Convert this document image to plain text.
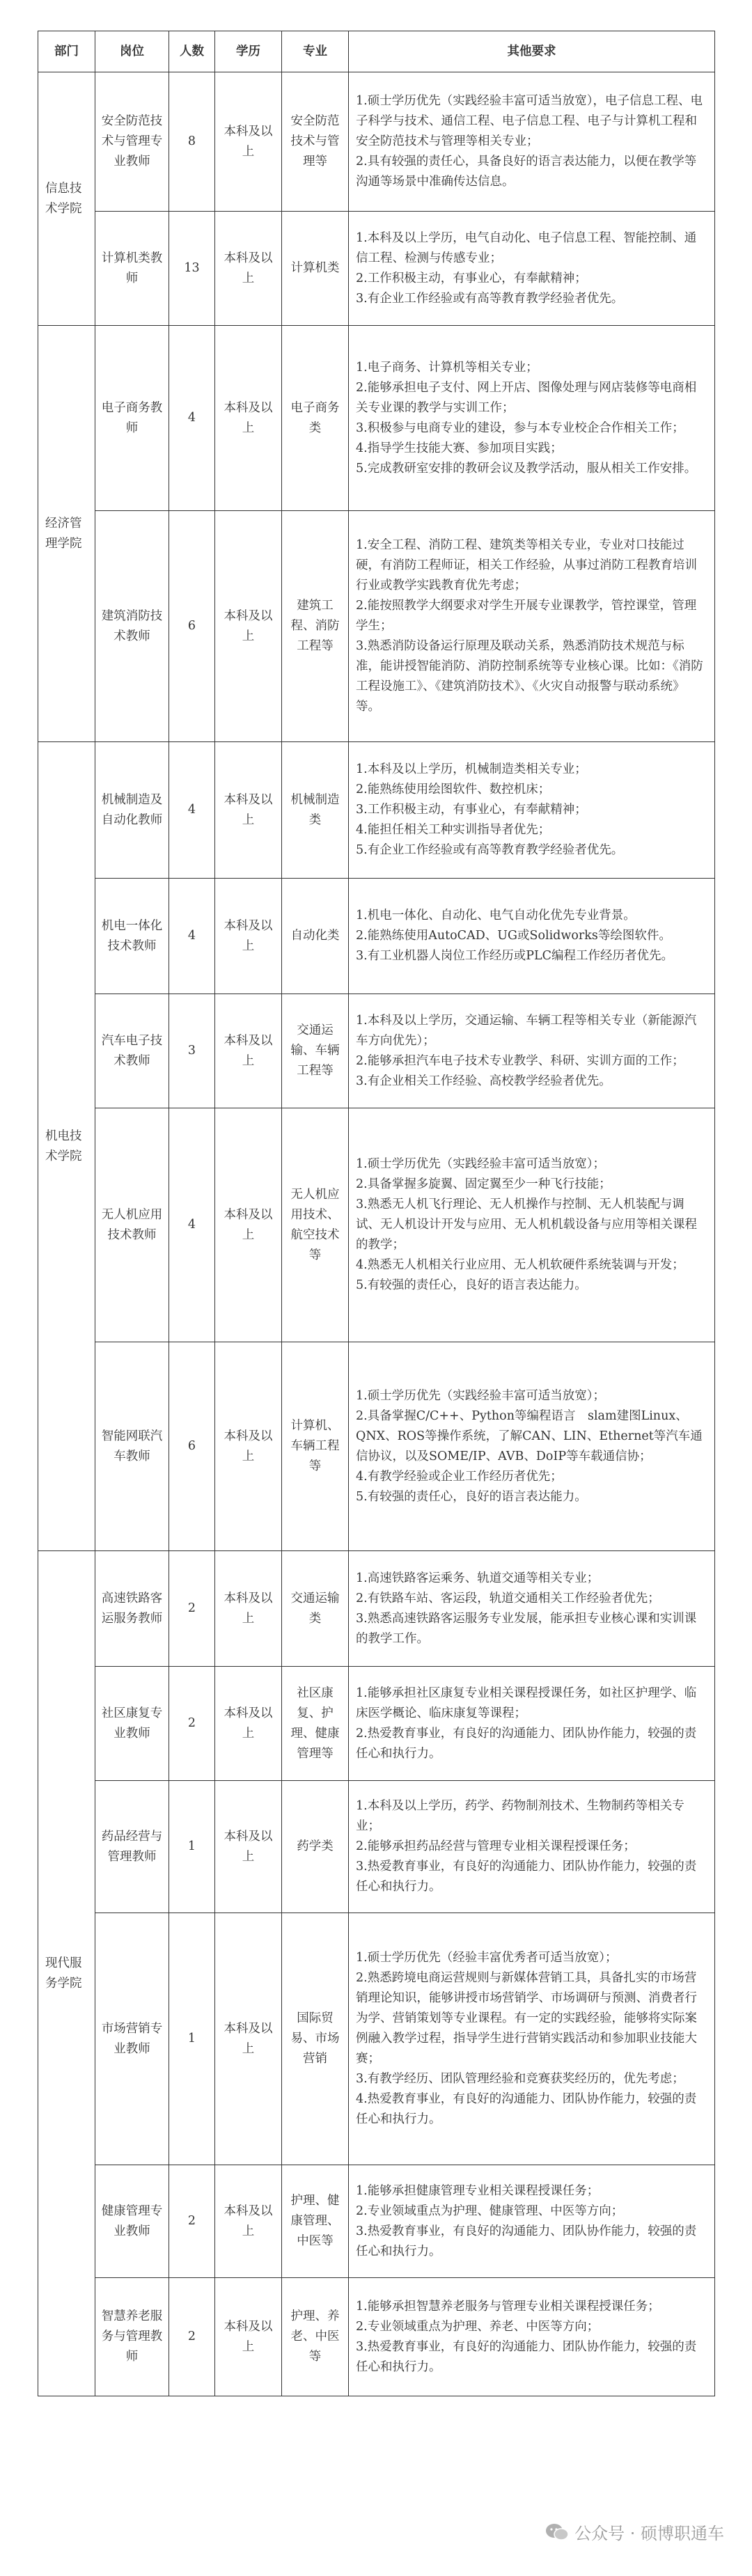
部门	岗位	人数	学历	专业	其他要求
信息技术学院	安全防范技术与管理专业教师	8	本科及以上	安全防范技术与管理等	1.硕士学历优先（实践经验丰富可适当放宽），电子信息工程、电子科学与技术、通信工程、电子信息工程、电子与计算机工程和安全防范技术与管理等相关专业；
2.具有较强的责任心，具备良好的语言表达能力，以便在教学等沟通等场景中准确传达信息。

	计算机类教师	13	本科及以上	计算机类	1.本科及以上学历，电气自动化、电子信息工程、智能控制、通信工程、检测与传感专业；
2.工作积极主动，有事业心，有奉献精神；
3.有企业工作经验或有高等教育教学经验者优先。

经济管理学院	电子商务教师	4	本科及以上	电子商务类	1.电子商务、计算机等相关专业；
2.能够承担电子支付、网上开店、图像处理与网店装修等电商相关专业课的教学与实训工作；
3.积极参与电商专业的建设，参与本专业校企合作相关工作；
4.指导学生技能大赛、参加项目实践；
5.完成教研室安排的教研会议及教学活动，服从相关工作安排。

	建筑消防技术教师	6	本科及以上	建筑工程、消防工程等	1.安全工程、消防工程、建筑类等相关专业，专业对口技能过硬，有消防工程师证，相关工作经验，从事过消防工程教育培训行业或教学实践教育优先考虑；
2.能按照教学大纲要求对学生开展专业课教学，管控课堂，管理学生；
3.熟悉消防设备运行原理及联动关系，熟悉消防技术规范与标准，能讲授智能消防、消防控制系统等专业核心课。比如：《消防工程设施工》、《建筑消防技术》、《火灾自动报警与联动系统》等。

机电技术学院	机械制造及自动化教师	4	本科及以上	机械制造类	1.本科及以上学历，机械制造类相关专业；
2.能熟练使用绘图软件、数控机床；
3.工作积极主动，有事业心，有奉献精神；
4.能担任相关工种实训指导者优先；
5.有企业工作经验或有高等教育教学经验者优先。

	机电一体化技术教师	4	本科及以上	自动化类	1.机电一体化、自动化、电气自动化优先专业背景。
2.能熟练使用AutoCAD、UG或Solidworks等绘图软件。
3.有工业机器人岗位工作经历或PLC编程工作经历者优先。

	汽车电子技术教师	3	本科及以上	交通运输、车辆工程等	1.本科及以上学历，交通运输、车辆工程等相关专业（新能源汽车方向优先）；
2.能够承担汽车电子技术专业教学、科研、实训方面的工作；
3.有企业相关工作经验、高校教学经验者优先。

	无人机应用技术教师	4	本科及以上	无人机应用技术、航空技术等	1.硕士学历优先（实践经验丰富可适当放宽）；
2.具备掌握多旋翼、固定翼至少一种飞行技能；
3.熟悉无人机飞行理论、无人机操作与控制、无人机装配与调试、无人机设计开发与应用、无人机机载设备与应用等相关课程的教学；
4.熟悉无人机相关行业应用、无人机软硬件系统装调与开发；
5.有较强的责任心，良好的语言表达能力。

	智能网联汽车教师	6	本科及以上	计算机、车辆工程等	1.硕士学历优先（实践经验丰富可适当放宽）；
2.具备掌握C/C++、Python等编程语言　slam建图Linux、QNX、ROS等操作系统，了解CAN、LIN、Ethernet等汽车通信协议，以及SOME/IP、AVB、DoIP等车载通信协；
4.有教学经验或企业工作经历者优先；
5.有较强的责任心，良好的语言表达能力。

现代服务学院	高速铁路客运服务教师	2	本科及以上	交通运输类	1.高速铁路客运乘务、轨道交通等相关专业；
2.有铁路车站、客运段，轨道交通相关工作经验者优先；
3.熟悉高速铁路客运服务专业发展，能承担专业核心课和实训课的教学工作。

	社区康复专业教师	2	本科及以上	社区康复、护理、健康管理等	1.能够承担社区康复专业相关课程授课任务，如社区护理学、临床医学概论、临床康复等课程；
2.热爱教育事业，有良好的沟通能力、团队协作能力，较强的责任心和执行力。

	药品经营与管理教师	1	本科及以上	药学类	1.本科及以上学历，药学、药物制剂技术、生物制药等相关专业；
2.能够承担药品经营与管理专业相关课程授课任务；
3.热爱教育事业，有良好的沟通能力、团队协作能力，较强的责任心和执行力。

	市场营销专业教师	1	本科及以上	国际贸易、市场营销	1.硕士学历优先（经验丰富优秀者可适当放宽）；
2.熟悉跨境电商运营规则与新媒体营销工具，具备扎实的市场营销理论知识，能够讲授市场营销学、市场调研与预测、消费者行为学、营销策划等专业课程。有一定的实践经验，能够将实际案例融入教学过程，指导学生进行营销实践活动和参加职业技能大赛；
3.有教学经历、团队管理经验和竞赛获奖经历的，优先考虑；
4.热爱教育事业，有良好的沟通能力、团队协作能力，较强的责任心和执行力。

	健康管理专业教师	2	本科及以上	护理、健康管理、中医等	1.能够承担健康管理专业相关课程授课任务；
2.专业领域重点为护理、健康管理、中医等方向；
3.热爱教育事业，有良好的沟通能力、团队协作能力，较强的责任心和执行力。

	智慧养老服务与管理教师	2	本科及以上	护理、养老、中医等	1.能够承担智慧养老服务与管理专业相关课程授课任务；
2.专业领域重点为护理、养老、中医等方向；
3.热爱教育事业，有良好的沟通能力、团队协作能力，较强的责任心和执行力。
公众号 · 硕博职通车
